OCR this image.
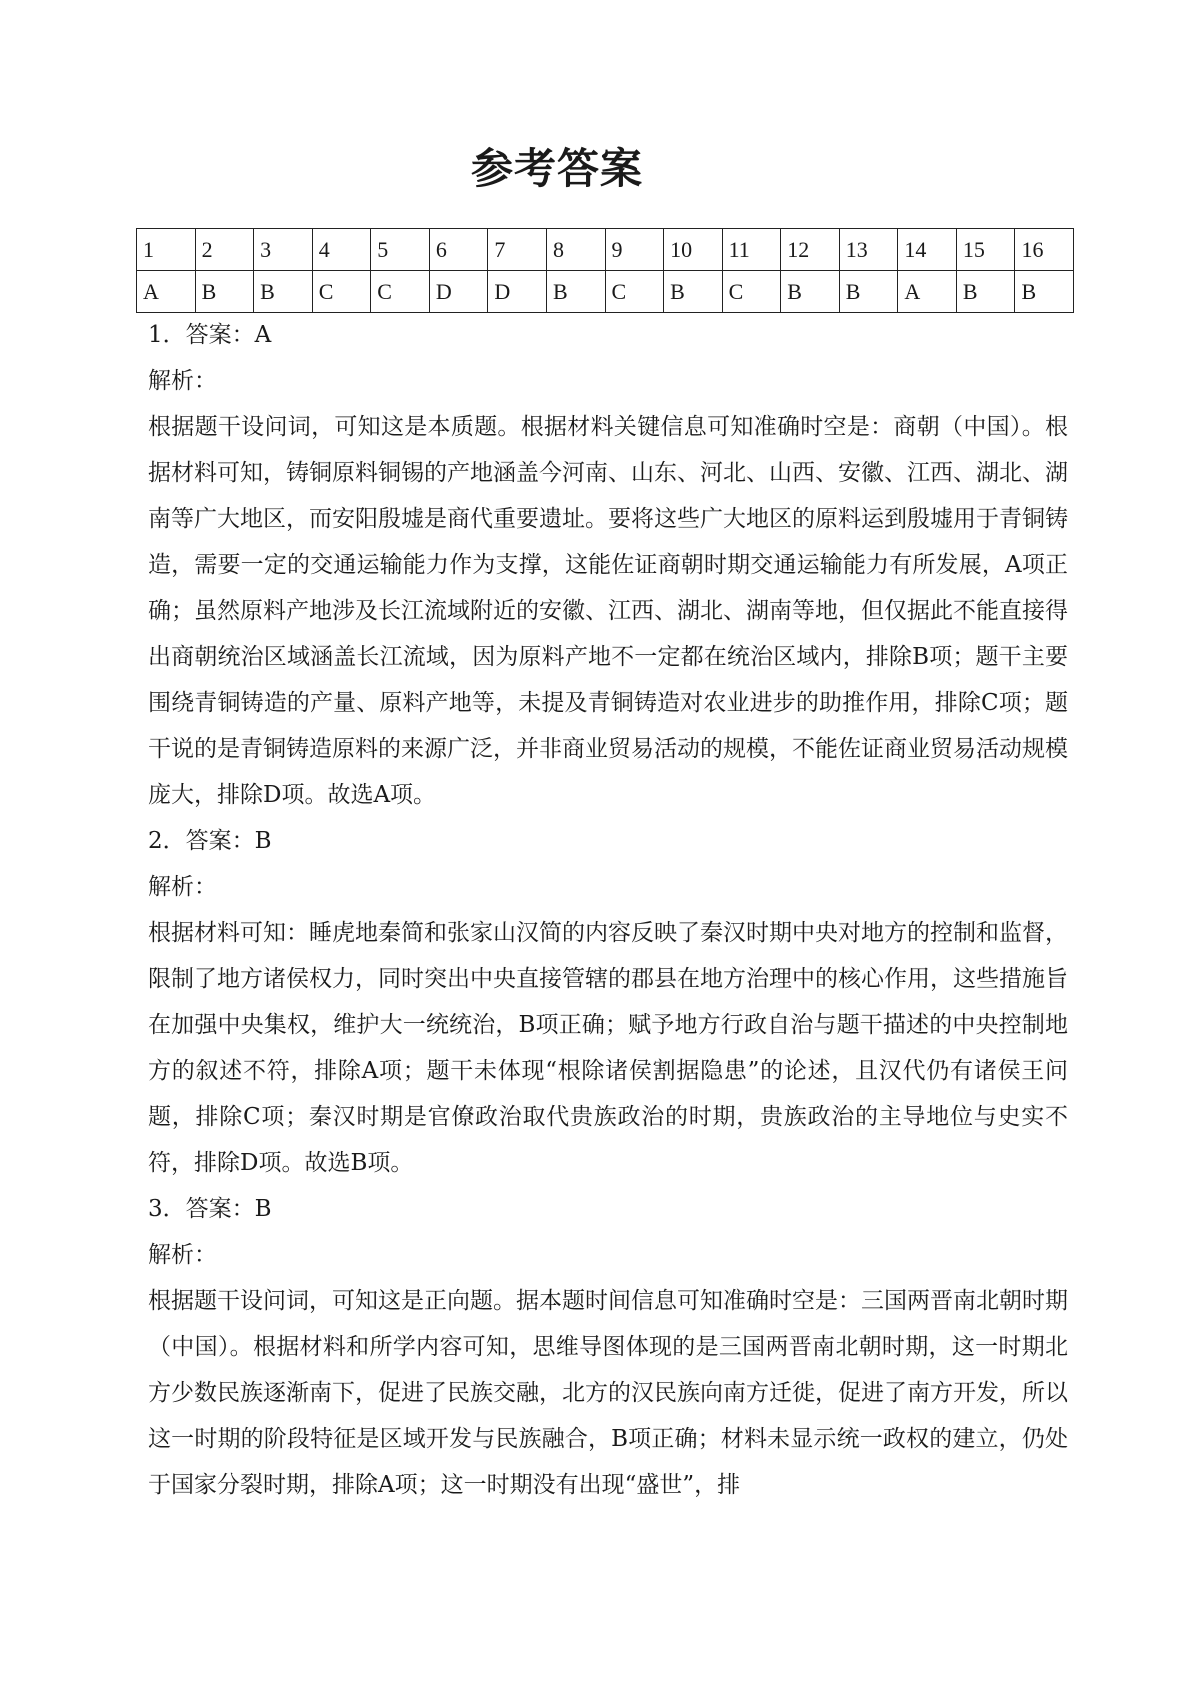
参考答案
1	2	3	4	5	6	7	8	9	10	11	12	13	14	15	16
A	B	B	C	C	D	D	B	C	B	C	B	B	A	B	B

1．答案：A

解析：

根据题干设问词，可知这是本质题。根据材料关键信息可知准确时空是：商朝（中国）。根据材料可知，铸铜原料铜锡的产地涵盖今河南、山东、河北、山西、安徽、江西、湖北、湖南等广大地区，而安阳殷墟是商代重要遗址。要将这些广大地区的原料运到殷墟用于青铜铸造，需要一定的交通运输能力作为支撑，这能佐证商朝时期交通运输能力有所发展，A项正确；虽然原料产地涉及长江流域附近的安徽、江西、湖北、湖南等地，但仅据此不能直接得出商朝统治区域涵盖长江流域，因为原料产地不一定都在统治区域内，排除B项；题干主要围绕青铜铸造的产量、原料产地等，未提及青铜铸造对农业进步的助推作用，排除C项；题干说的是青铜铸造原料的来源广泛，并非商业贸易活动的规模，不能佐证商业贸易活动规模庞大，排除D项。故选A项。

2．答案：B

解析：

根据材料可知：睡虎地秦简和张家山汉简的内容反映了秦汉时期中央对地方的控制和监督，限制了地方诸侯权力，同时突出中央直接管辖的郡县在地方治理中的核心作用，这些措施旨在加强中央集权，维护大一统统治，B项正确；赋予地方行政自治与题干描述的中央控制地方的叙述不符，排除A项；题干未体现“根除诸侯割据隐患”的论述，且汉代仍有诸侯王问题，排除C项；秦汉时期是官僚政治取代贵族政治的时期，贵族政治的主导地位与史实不符，排除D项。故选B项。

3．答案：B

解析：

根据题干设问词，可知这是正向题。据本题时间信息可知准确时空是：三国两晋南北朝时期（中国）。根据材料和所学内容可知，思维导图体现的是三国两晋南北朝时期，这一时期北方少数民族逐渐南下，促进了民族交融，北方的汉民族向南方迁徙，促进了南方开发，所以这一时期的阶段特征是区域开发与民族融合，B项正确；材料未显示统一政权的建立，仍处于国家分裂时期，排除A项；这一时期没有出现“盛世”，排
